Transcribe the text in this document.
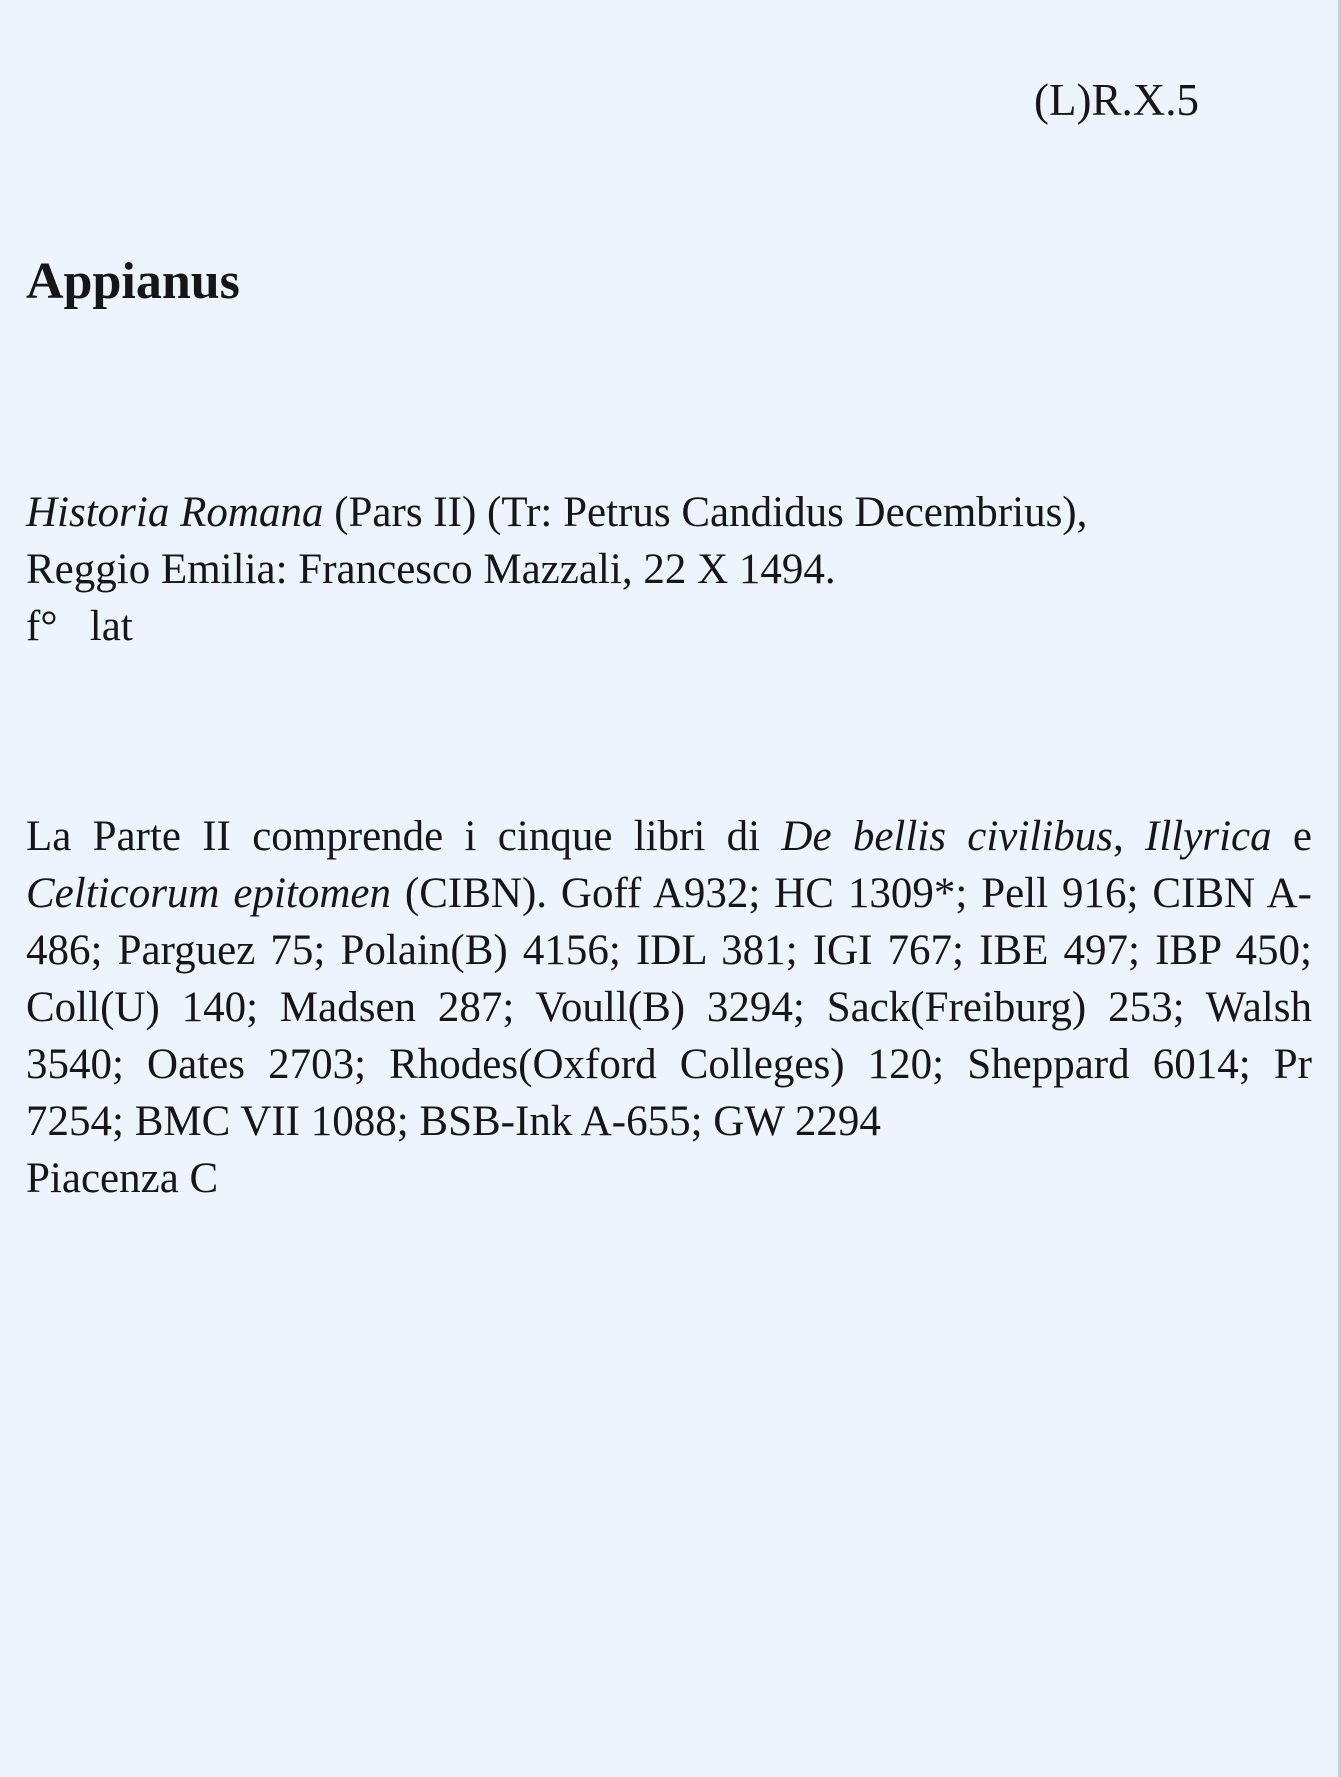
(L)R.X.5
Appianus
Historia Romana (Pars II) (Tr: Petrus Candidus Decembrius),
Reggio Emilia: Francesco Mazzali, 22 X 1494.
f° lat

La Parte II comprende i cinque libri di De bellis civilibus, Illyrica e Celticorum epitomen (CIBN). Goff A932; HC 1309*; Pell 916; CIBN A-486; Parguez 75; Polain(B) 4156; IDL 381; IGI 767; IBE 497; IBP 450; Coll(U) 140; Madsen 287; Voull(B) 3294; Sack(Freiburg) 253; Walsh 3540; Oates 2703; Rhodes(Oxford Colleges) 120; Sheppard 6014; Pr 7254; BMC VII 1088; BSB-Ink A-655; GW 2294

Piacenza C
